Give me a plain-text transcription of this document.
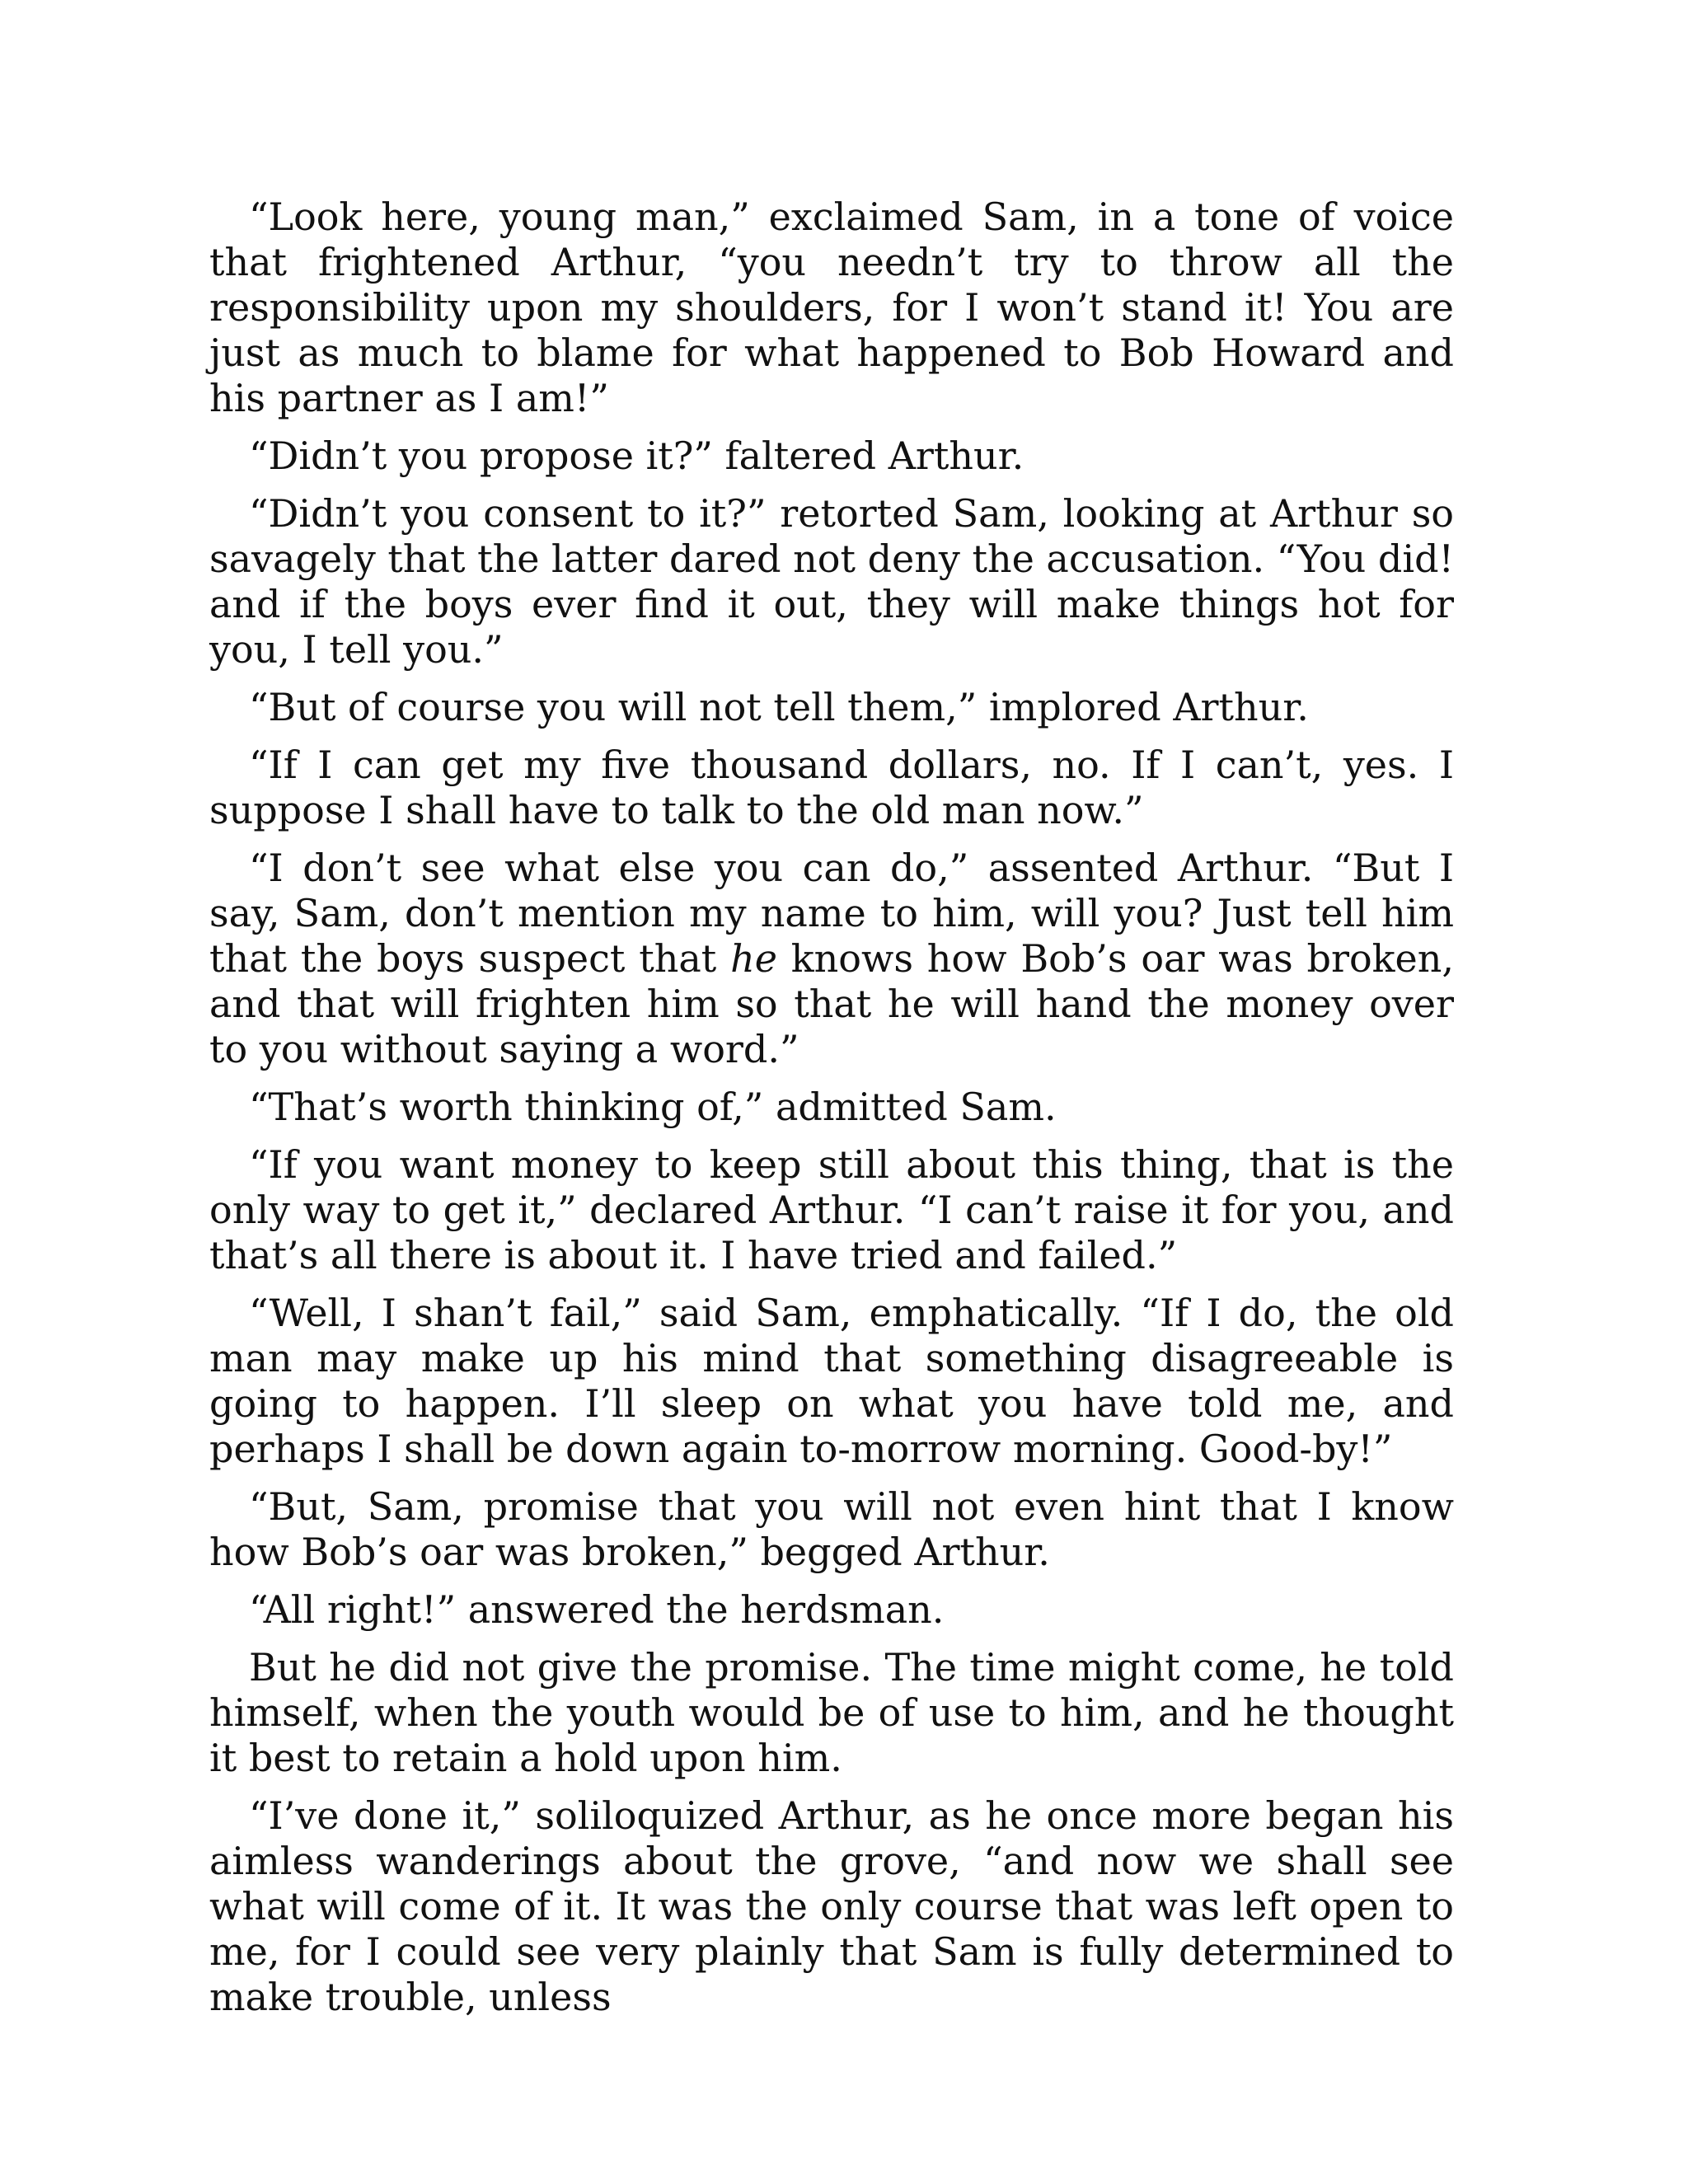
“Look here, young man,” exclaimed Sam, in a tone of voice that frightened Arthur, “you needn’t try to throw all the responsibility upon my shoulders, for I won’t stand it! You are just as much to blame for what happened to Bob Howard and his partner as I am!”

“Didn’t you propose it?” faltered Arthur.

“Didn’t you consent to it?” retorted Sam, looking at Arthur so savagely that the latter dared not deny the accusation. “You did! and if the boys ever find it out, they will make things hot for you, I tell you.”

“But of course you will not tell them,” implored Arthur.

“If I can get my five thousand dollars, no. If I can’t, yes. I suppose I shall have to talk to the old man now.”

“I don’t see what else you can do,” assented Arthur. “But I say, Sam, don’t mention my name to him, will you? Just tell him that the boys suspect that he knows how Bob’s oar was broken, and that will frighten him so that he will hand the money over to you without saying a word.”

“That’s worth thinking of,” admitted Sam.

“If you want money to keep still about this thing, that is the only way to get it,” declared Arthur. “I can’t raise it for you, and that’s all there is about it. I have tried and failed.”

“Well, I shan’t fail,” said Sam, emphatically. “If I do, the old man may make up his mind that something disagreeable is going to happen. I’ll sleep on what you have told me, and perhaps I shall be down again to-morrow morning. Good-by!”

“But, Sam, promise that you will not even hint that I know how Bob’s oar was broken,” begged Arthur.

“All right!” answered the herdsman.

But he did not give the promise. The time might come, he told himself, when the youth would be of use to him, and he thought it best to retain a hold upon him.

“I’ve done it,” soliloquized Arthur, as he once more began his aimless wanderings about the grove, “and now we shall see what will come of it. It was the only course that was left open to me, for I could see very plainly that Sam is fully determined to make trouble, unless
